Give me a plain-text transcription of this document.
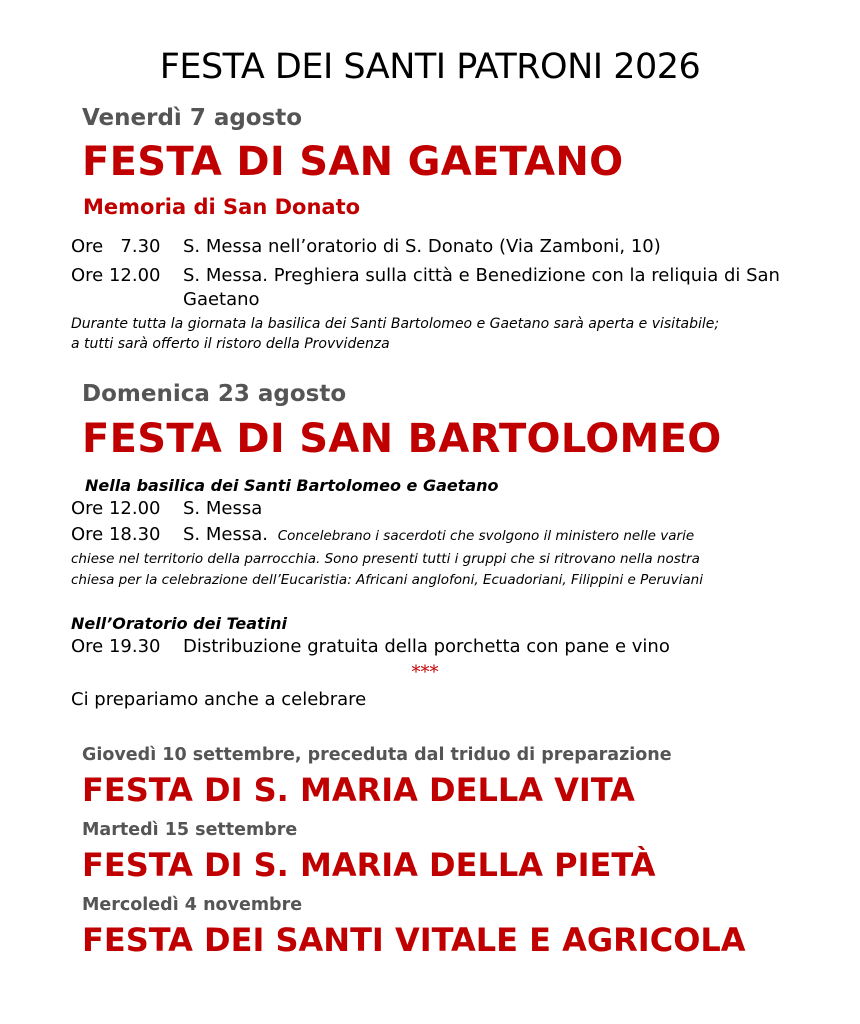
FESTA DEI SANTI PATRONI 2026
Venerdì 7 agosto
FESTA DI SAN GAETANO
Memoria di San Donato
Ore   7.30 S. Messa nell’oratorio di S. Donato (Via Zamboni, 10)
Ore 12.00 S. Messa. Preghiera sulla città e Benedizione con la reliquia di San
Gaetano
Durante tutta la giornata la basilica dei Santi Bartolomeo e Gaetano sarà aperta e visitabile;
a tutti sarà offerto il ristoro della Provvidenza
Domenica 23 agosto
FESTA DI SAN BARTOLOMEO
Nella basilica dei Santi Bartolomeo e Gaetano
Ore 12.00 S. Messa
Ore 18.30 S. Messa. Concelebrano i sacerdoti che svolgono il ministero nelle varie
chiese nel territorio della parrocchia. Sono presenti tutti i gruppi che si ritrovano nella nostra
chiesa per la celebrazione dell’Eucaristia: Africani anglofoni, Ecuadoriani, Filippini e Peruviani
Nell’Oratorio dei Teatini
Ore 19.30 Distribuzione gratuita della porchetta con pane e vino
***
Ci prepariamo anche a celebrare
Giovedì 10 settembre, preceduta dal triduo di preparazione
FESTA DI S. MARIA DELLA VITA
Martedì 15 settembre
FESTA DI S. MARIA DELLA PIETÀ
Mercoledì 4 novembre
FESTA DEI SANTI VITALE E AGRICOLA
